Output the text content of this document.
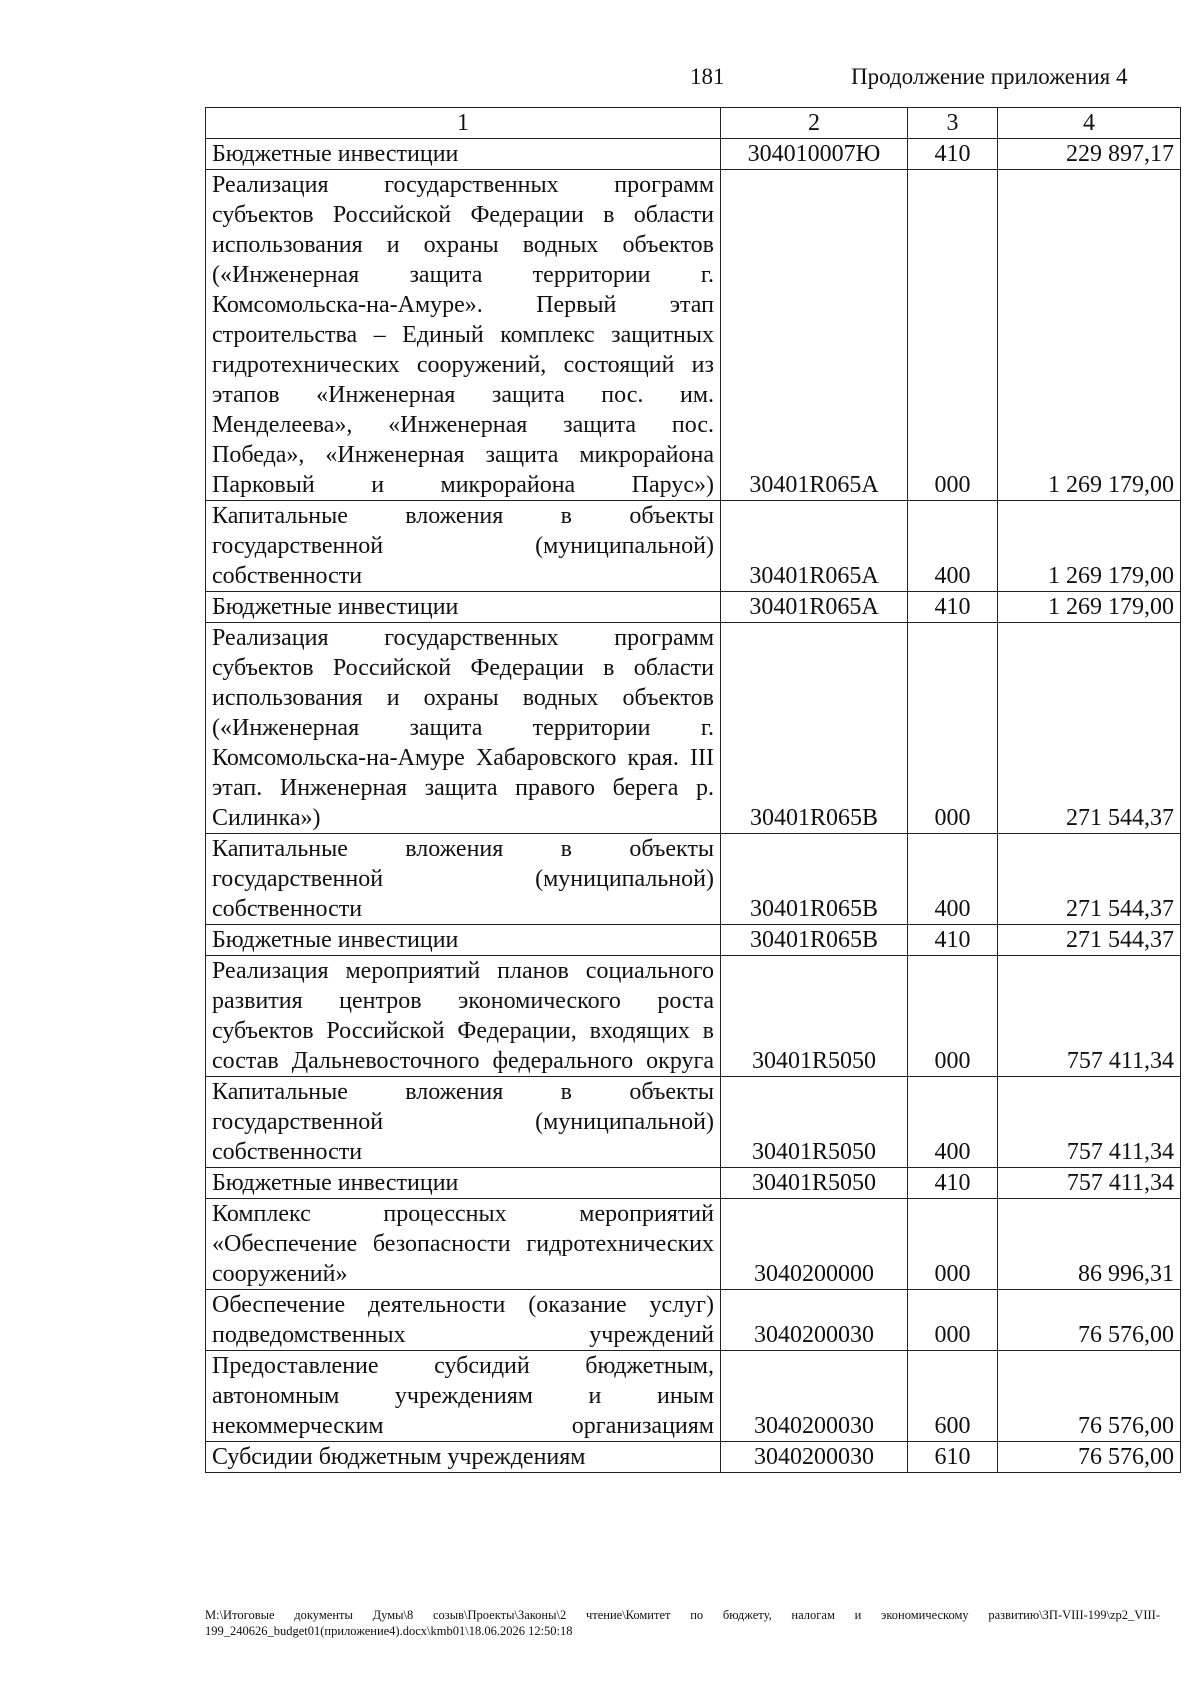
181	Продолжение приложения 4
1	2	3	4
Бюджетные инвестиции	304010007Ю	410	229 897,17
Реализация государственных программ субъектов Российской Федерации в области использования и охраны водных объектов («Инженерная защита территории г. Комсомольска-на-Амуре». Первый этап строительства – Единый комплекс защитных гидротехнических сооружений, состоящий из этапов «Инженерная защита пос. им. Менделеева», «Инженерная защита пос. Победа», «Инженерная защита микрорайона Парковый и микрорайона Парус»)	30401R065A	000	1 269 179,00
Капитальные вложения в объекты государственной (муниципальной) собственности	30401R065A	400	1 269 179,00
Бюджетные инвестиции	30401R065A	410	1 269 179,00
Реализация государственных программ субъектов Российской Федерации в области использования и охраны водных объектов («Инженерная защита территории г. Комсомольска-на-Амуре Хабаровского края. III этап. Инженерная защита правого берега р. Силинка»)	30401R065B	000	271 544,37
Капитальные вложения в объекты государственной (муниципальной) собственности	30401R065B	400	271 544,37
Бюджетные инвестиции	30401R065B	410	271 544,37
Реализация мероприятий планов социального развития центров экономического роста субъектов Российской Федерации, входящих в состав Дальневосточного федерального округа	30401R5050	000	757 411,34
Капитальные вложения в объекты государственной (муниципальной) собственности	30401R5050	400	757 411,34
Бюджетные инвестиции	30401R5050	410	757 411,34
Комплекс процессных мероприятий «Обеспечение безопасности гидротехнических сооружений»	3040200000	000	86 996,31
Обеспечение деятельности (оказание услуг) подведомственных учреждений	3040200030	000	76 576,00
Предоставление субсидий бюджетным, автономным учреждениям и иным некоммерческим организациям	3040200030	600	76 576,00
Субсидии бюджетным учреждениям	3040200030	610	76 576,00
M:\Итоговые документы Думы\8 созыв\Проекты\Законы\2 чтение\Комитет по бюджету, налогам и экономическому развитию\ЗП-VIII-199\zp2_VIII-199_240626_budget01(приложение4).docx\kmb01\18.06.2026 12:50:18
